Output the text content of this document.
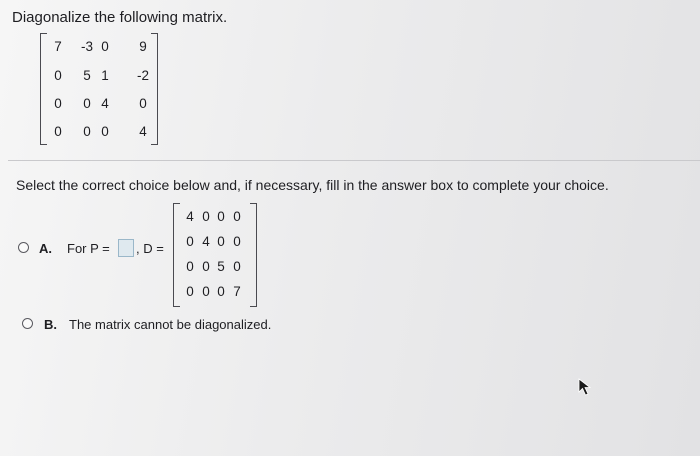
Diagonalize the following matrix.
7	-3 0	9
0	5 1	-2
0	0 4	0
0	0 0	4
Select the correct choice below and, if necessary, fill in the answer box to complete your choice.
A. For P = , D =
4 0 0 0
0 4 0 0
0 0 5 0
0 0 0 7
B. The matrix cannot be diagonalized.
